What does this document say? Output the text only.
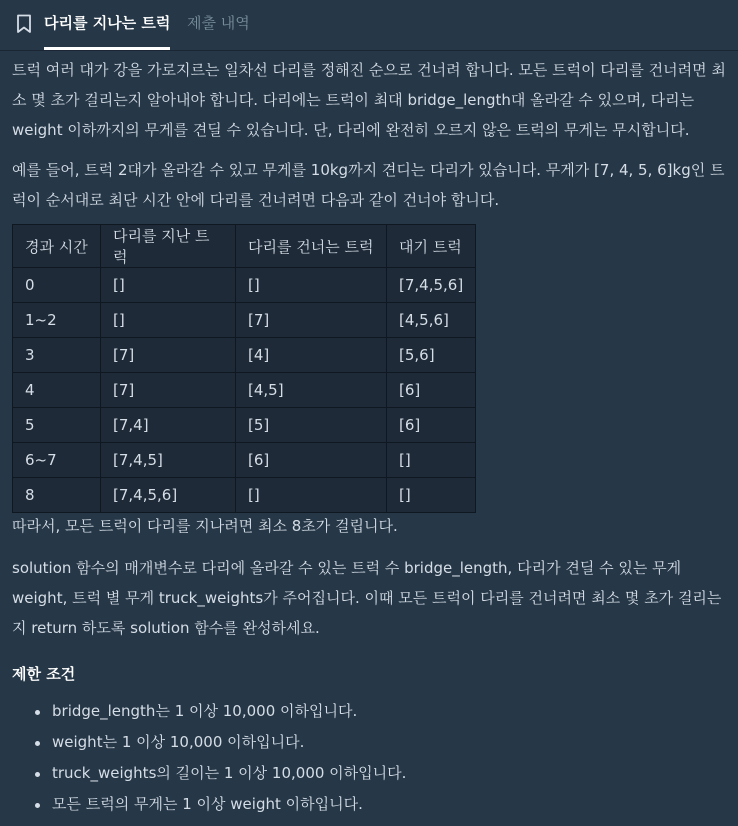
다리를 지나는 트럭 제출 내역

트럭 여러 대가 강을 가로지르는 일차선 다리를 정해진 순으로 건너려 합니다. 모든 트럭이 다리를 건너려면 최소 몇 초가 걸리는지 알아내야 합니다. 다리에는 트럭이 최대 bridge_length대 올라갈 수 있으며, 다리는 weight 이하까지의 무게를 견딜 수 있습니다. 단, 다리에 완전히 오르지 않은 트럭의 무게는 무시합니다.

예를 들어, 트럭 2대가 올라갈 수 있고 무게를 10kg까지 견디는 다리가 있습니다. 무게가 [7, 4, 5, 6]kg인 트럭이 순서대로 최단 시간 안에 다리를 건너려면 다음과 같이 건너야 합니다.

경과 시간	다리를 지난 트럭	다리를 건너는 트럭	대기 트럭
0	[]	[]	[7,4,5,6]
1~2	[]	[7]	[4,5,6]
3	[7]	[4]	[5,6]
4	[7]	[4,5]	[6]
5	[7,4]	[5]	[6]
6~7	[7,4,5]	[6]	[]
8	[7,4,5,6]	[]	[]

따라서, 모든 트럭이 다리를 지나려면 최소 8초가 걸립니다.

solution 함수의 매개변수로 다리에 올라갈 수 있는 트럭 수 bridge_length, 다리가 견딜 수 있는 무게 weight, 트럭 별 무게 truck_weights가 주어집니다. 이때 모든 트럭이 다리를 건너려면 최소 몇 초가 걸리는지 return 하도록 solution 함수를 완성하세요.

제한 조건
bridge_length는 1 이상 10,000 이하입니다.
weight는 1 이상 10,000 이하입니다.
truck_weights의 길이는 1 이상 10,000 이하입니다.
모든 트럭의 무게는 1 이상 weight 이하입니다.
